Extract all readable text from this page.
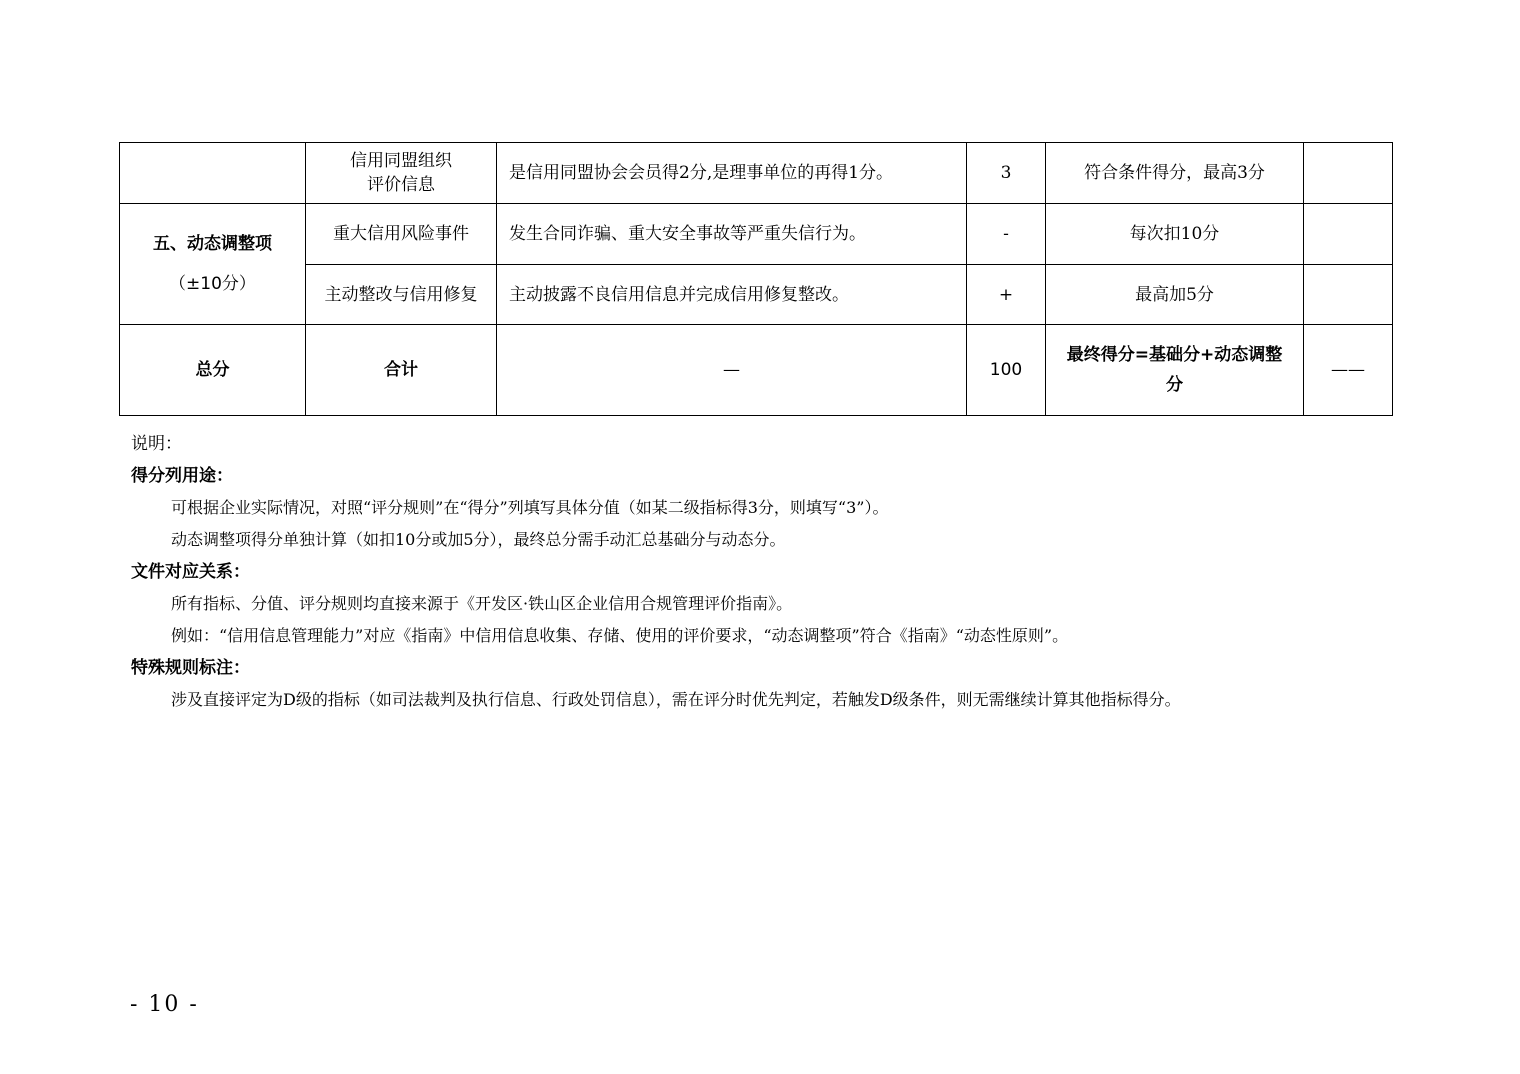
	信用同盟组织
评价信息	是信用同盟协会会员得2分,是理事单位的再得1分。	3	符合条件得分，最高3分	

五、动态调整项
（±10分）	重大信用风险事件	发生合同诈骗、重大安全事故等严重失信行为。	-	每次扣10分	
	主动整改与信用修复	主动披露不良信用信息并完成信用修复整改。	+	最高加5分	
总分	合计	—	100	最终得分=基础分+动态调整分	——
说明：
得分列用途：
可根据企业实际情况，对照“评分规则”在“得分”列填写具体分值（如某二级指标得3分，则填写“3”）。
动态调整项得分单独计算（如扣10分或加5分），最终总分需手动汇总基础分与动态分。
文件对应关系：
所有指标、分值、评分规则均直接来源于《开发区·铁山区企业信用合规管理评价指南》。
例如：“信用信息管理能力”对应《指南》中信用信息收集、存储、使用的评价要求，“动态调整项”符合《指南》“动态性原则”。
特殊规则标注：
涉及直接评定为D级的指标（如司法裁判及执行信息、行政处罚信息），需在评分时优先判定，若触发D级条件，则无需继续计算其他指标得分。
- 10 -
